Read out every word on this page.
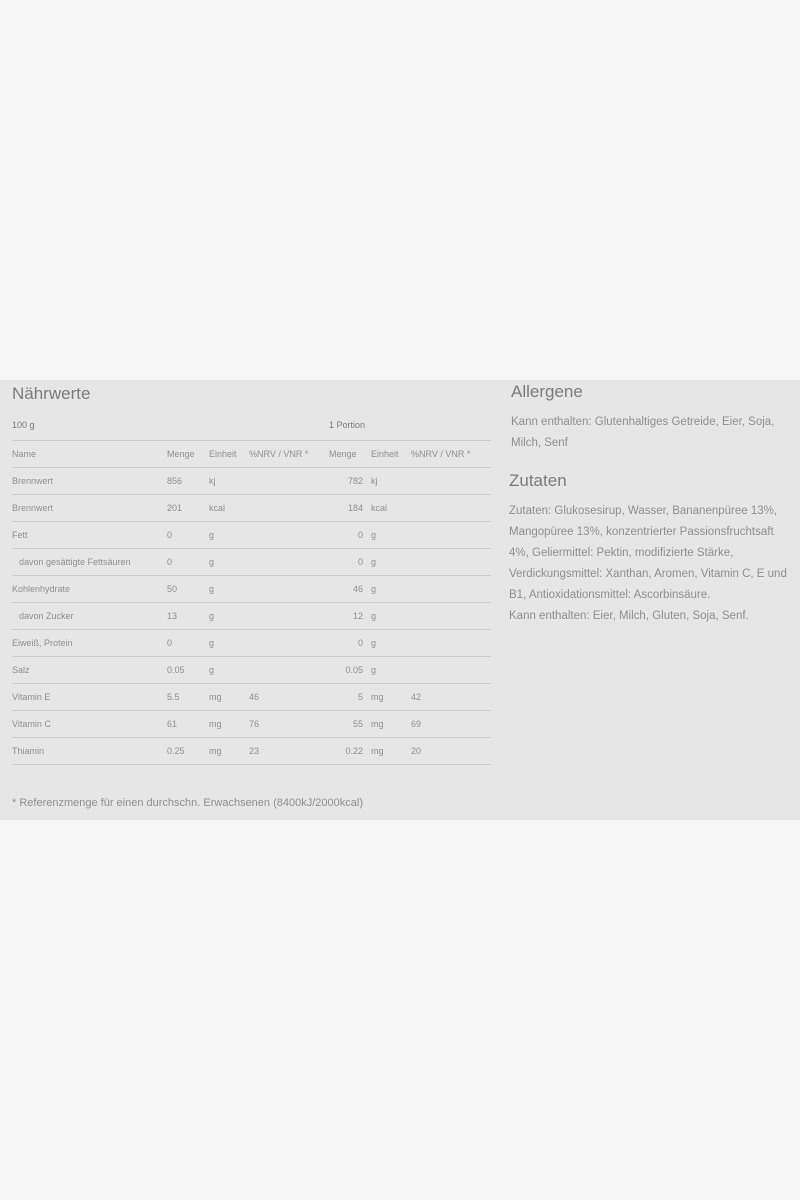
Nährwerte
100 g	1 Portion
Name	Menge	Einheit	%NRV / VNR *	Menge	Einheit	%NRV / VNR *
Brennwert	856	kj		782	kj	
Brennwert	201	kcal		184	kcal	
Fett	0	g		0	g	
davon gesättigte Fettsäuren	0	g		0	g	
Kohlenhydrate	50	g		46	g	
davon Zucker	13	g		12	g	
Eiweiß, Protein	0	g		0	g	
Salz	0.05	g		0.05	g	
Vitamin E	5.5	mg	46	5	mg	42
Vitamin C	61	mg	76	55	mg	69
Thiamin	0.25	mg	23	0.22	mg	20
* Referenzmenge für einen durchschn. Erwachsenen (8400kJ/2000kcal)
Allergene
Kann enthalten: Glutenhaltiges Getreide, Eier, Soja, Milch, Senf
Zutaten
Zutaten: Glukosesirup, Wasser, Bananenpüree 13%, Mangopüree 13%, konzentrierter Passionsfruchtsaft 4%, Geliermittel: Pektin, modifizierte Stärke, Verdickungsmittel: Xanthan, Aromen, Vitamin C, E und B1, Antioxidationsmittel: Ascorbinsäure.
Kann enthalten: Eier, Milch, Gluten, Soja, Senf.
